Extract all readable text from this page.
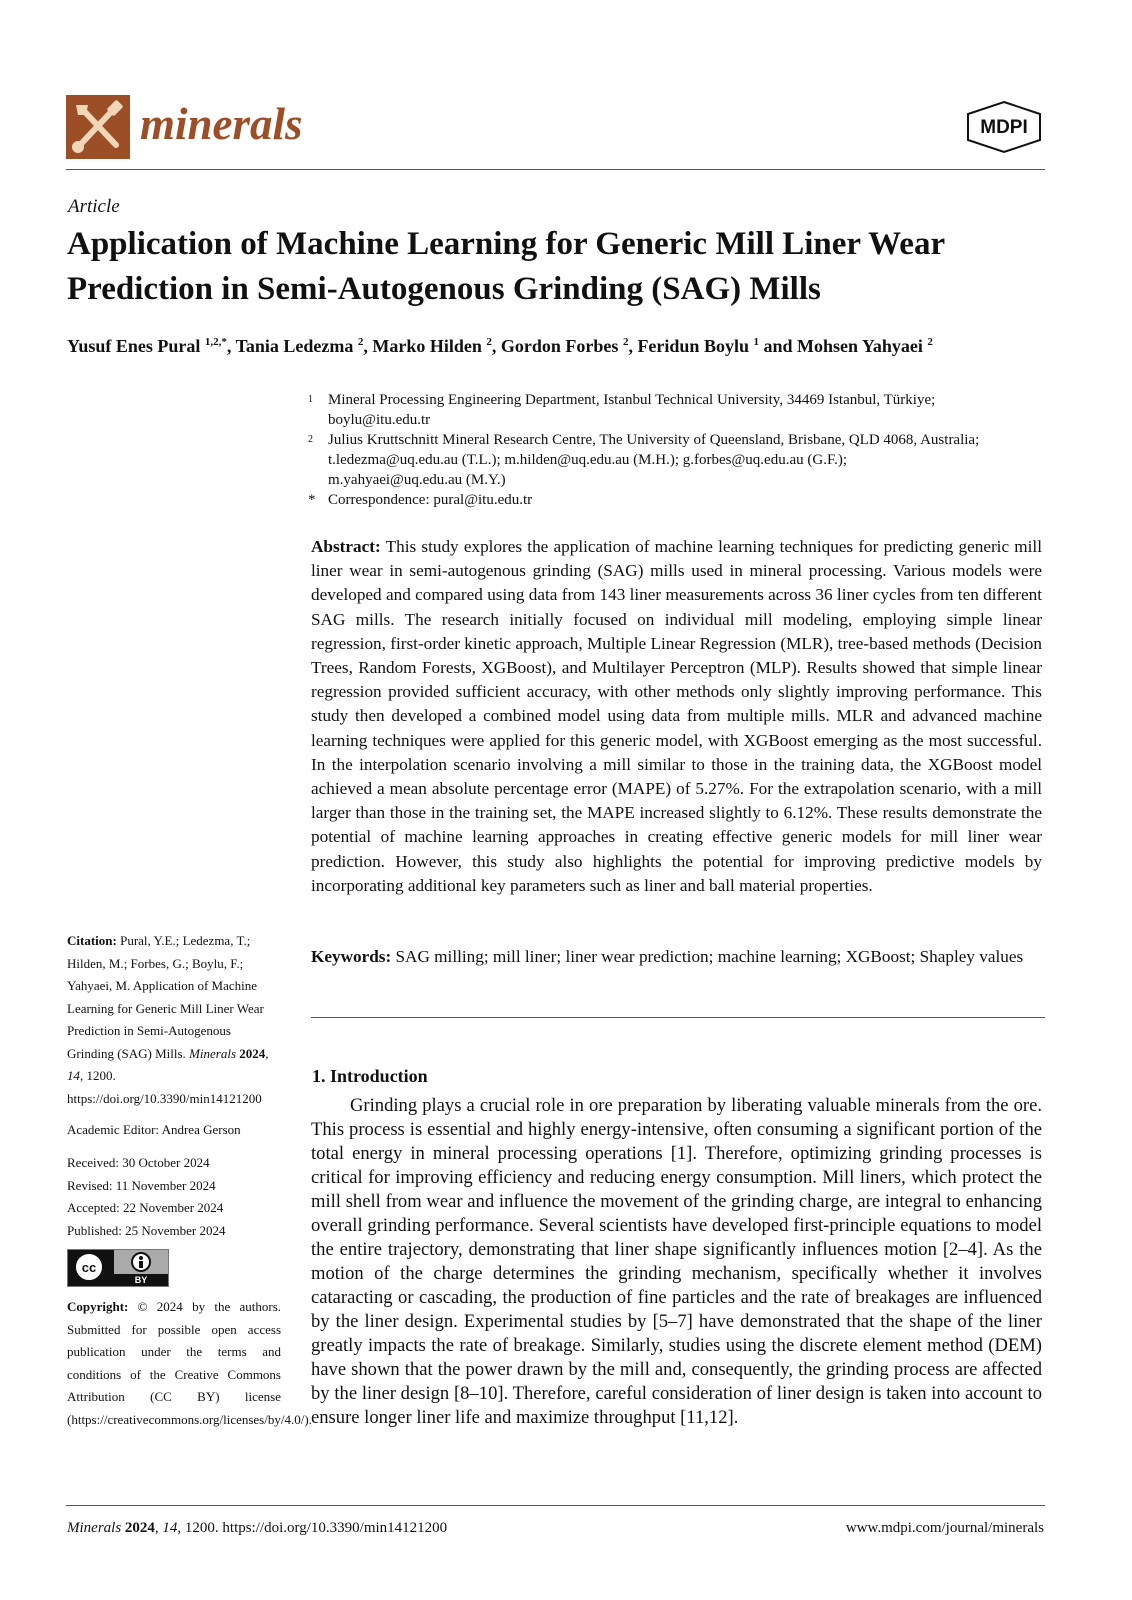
minerals	MDPI
Article
Application of Machine Learning for Generic Mill Liner Wear Prediction in Semi-Autogenous Grinding (SAG) Mills
Yusuf Enes Pural $^{1,2,*}$, Tania Ledezma $^2$, Marko Hilden $^2$, Gordon Forbes $^2$, Feridun Boylu $^1$ and Mohsen Yahyaei $^2$
1 Mineral Processing Engineering Department, Istanbul Technical University, 34469 Istanbul, Türkiye;
boylu@itu.edu.tr
2 Julius Kruttschnitt Mineral Research Centre, The University of Queensland, Brisbane, QLD 4068, Australia;
t.ledezma@uq.edu.au (T.L.); m.hilden@uq.edu.au (M.H.); g.forbes@uq.edu.au (G.F.);
m.yahyaei@uq.edu.au (M.Y.)
* Correspondence: pural@itu.edu.tr
Abstract: This study explores the application of machine learning techniques for predicting generic mill liner wear in semi-autogenous grinding (SAG) mills used in mineral processing. Various models were developed and compared using data from 143 liner measurements across 36 liner cycles from ten different SAG mills. The research initially focused on individual mill modeling, employing simple linear regression, first-order kinetic approach, Multiple Linear Regression (MLR), tree-based methods (Decision Trees, Random Forests, XGBoost), and Multilayer Perceptron (MLP). Results showed that simple linear regression provided sufficient accuracy, with other methods only slightly improving performance. This study then developed a combined model using data from multiple mills. MLR and advanced machine learning techniques were applied for this generic model, with XGBoost emerging as the most successful. In the interpolation scenario involving a mill similar to those in the training data, the XGBoost model achieved a mean absolute percentage error (MAPE) of 5.27%. For the extrapolation scenario, with a mill larger than those in the training set, the MAPE increased slightly to 6.12%. These results demonstrate the potential of machine learning approaches in creating effective generic models for mill liner wear prediction. However, this study also highlights the potential for improving predictive models by incorporating additional key parameters such as liner and ball material properties.
Keywords: SAG milling; mill liner; liner wear prediction; machine learning; XGBoost; Shapley values
1. Introduction
Grinding plays a crucial role in ore preparation by liberating valuable minerals from the ore. This process is essential and highly energy-intensive, often consuming a significant portion of the total energy in mineral processing operations [1]. Therefore, optimizing grinding processes is critical for improving efficiency and reducing energy consumption. Mill liners, which protect the mill shell from wear and influence the movement of the grinding charge, are integral to enhancing overall grinding performance. Several scientists have developed first-principle equations to model the entire trajectory, demonstrating that liner shape significantly influences motion [2–4]. As the motion of the charge determines the grinding mechanism, specifically whether it involves cataracting or cascading, the production of fine particles and the rate of breakages are influenced by the liner design. Experimental studies by [5–7] have demonstrated that the shape of the liner greatly impacts the rate of breakage. Similarly, studies using the discrete element method (DEM) have shown that the power drawn by the mill and, consequently, the grinding process are affected by the liner design [8–10]. Therefore, careful consideration of liner design is taken into account to ensure longer liner life and maximize throughput [11,12].
Citation: Pural, Y.E.; Ledezma, T.; Hilden, M.; Forbes, G.; Boylu, F.; Yahyaei, M. Application of Machine Learning for Generic Mill Liner Wear Prediction in Semi-Autogenous Grinding (SAG) Mills. Minerals 2024, 14, 1200. https://doi.org/10.3390/min14121200
Academic Editor: Andrea Gerson
Received: 30 October 2024
Revised: 11 November 2024
Accepted: 22 November 2024
Published: 25 November 2024
cc
BY
Copyright: © 2024 by the authors. Submitted for possible open access publication under the terms and conditions of the Creative Commons Attribution (CC BY) license (https://creativecommons.org/licenses/by/4.0/).
Minerals 2024, 14, 1200. https://doi.org/10.3390/min14121200	www.mdpi.com/journal/minerals
